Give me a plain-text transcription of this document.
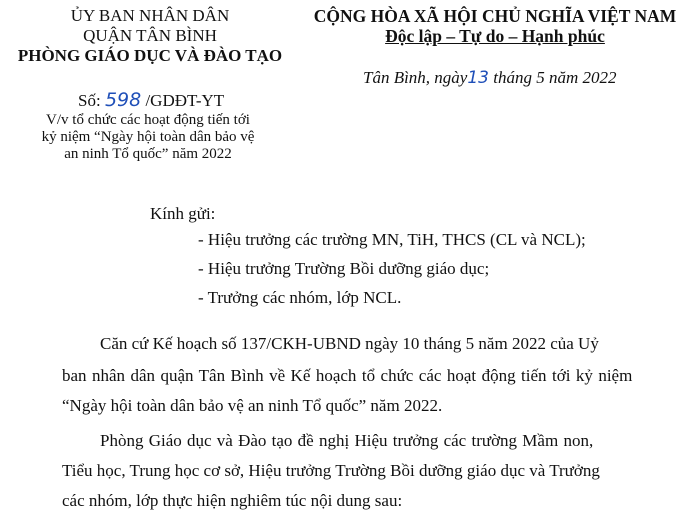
ỦY BAN NHÂN DÂN
QUẬN TÂN BÌNH
PHÒNG GIÁO DỤC VÀ ĐÀO TẠO
CỘNG HÒA XÃ HỘI CHỦ NGHĨA VIỆT NAM
Độc lập – Tự do – Hạnh phúc
Tân Bình, ngày13 tháng 5 năm 2022
Số: 598 /GDĐT-YT
V/v tổ chức các hoạt động tiến tới
kỷ niệm “Ngày hội toàn dân bảo vệ
an ninh Tổ quốc” năm 2022
Kính gửi:
- Hiệu trưởng các trường MN, TiH, THCS (CL và NCL);
- Hiệu trưởng Trường Bồi dưỡng giáo dục;
- Trưởng các nhóm, lớp NCL.
Căn cứ Kế hoạch số 137/CKH-UBND ngày 10 tháng 5 năm 2022 của Uỷ
ban nhân dân quận Tân Bình về Kế hoạch tổ chức các hoạt động tiến tới kỷ niệm
“Ngày hội toàn dân bảo vệ an ninh Tổ quốc” năm 2022.
Phòng Giáo dục và Đào tạo đề nghị Hiệu trưởng các trường Mầm non,
Tiểu học, Trung học cơ sở, Hiệu trưởng Trường Bồi dưỡng giáo dục và Trưởng
các nhóm, lớp thực hiện nghiêm túc nội dung sau:
